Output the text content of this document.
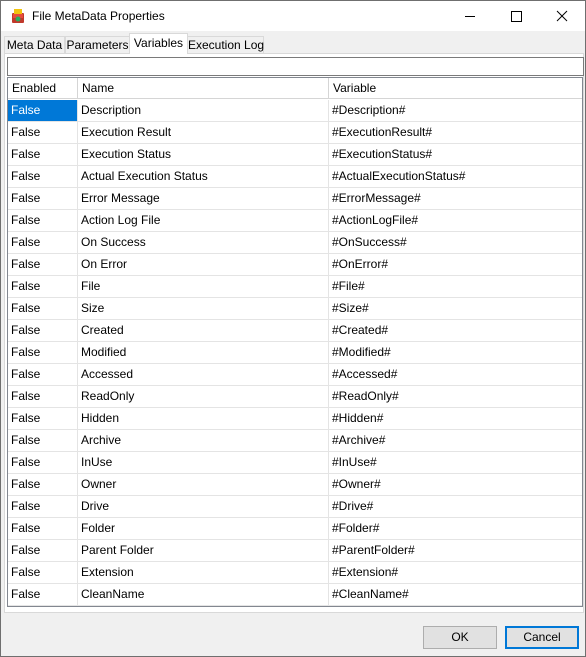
File MetaData Properties
Meta Data Parameters Variables Execution Log
Enabled	Name	Variable
False	Description	#Description#
False	Execution Result	#ExecutionResult#
False	Execution Status	#ExecutionStatus#
False	Actual Execution Status	#ActualExecutionStatus#
False	Error Message	#ErrorMessage#
False	Action Log File	#ActionLogFile#
False	On Success	#OnSuccess#
False	On Error	#OnError#
False	File	#File#
False	Size	#Size#
False	Created	#Created#
False	Modified	#Modified#
False	Accessed	#Accessed#
False	ReadOnly	#ReadOnly#
False	Hidden	#Hidden#
False	Archive	#Archive#
False	InUse	#InUse#
False	Owner	#Owner#
False	Drive	#Drive#
False	Folder	#Folder#
False	Parent Folder	#ParentFolder#
False	Extension	#Extension#
False	CleanName	#CleanName#
OK	Cancel
